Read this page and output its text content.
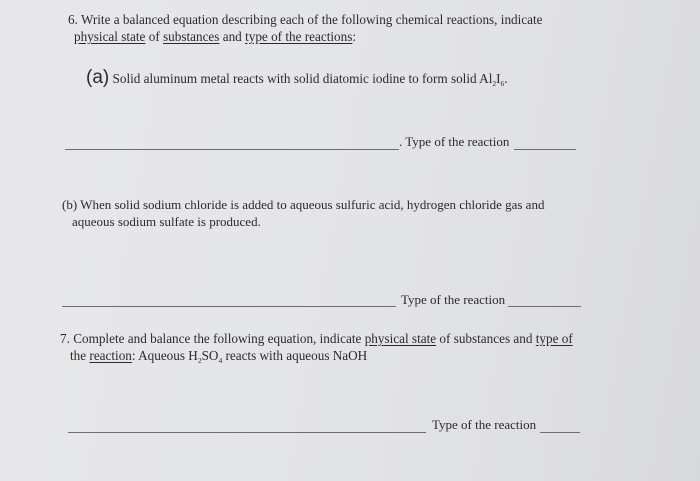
6. Write a balanced equation describing each of the following chemical reactions, indicate
physical state of substances and type of the reactions:
(a) Solid aluminum metal reacts with solid diatomic iodine to form solid $Al_2I_6$.
. Type of the reaction
(b) When solid sodium chloride is added to aqueous sulfuric acid, hydrogen chloride gas and
aqueous sodium sulfate is produced.
Type of the reaction
7. Complete and balance the following equation, indicate physical state of substances and type of
the reaction: Aqueous $H_2SO_4$ reacts with aqueous NaOH
Type of the reaction
